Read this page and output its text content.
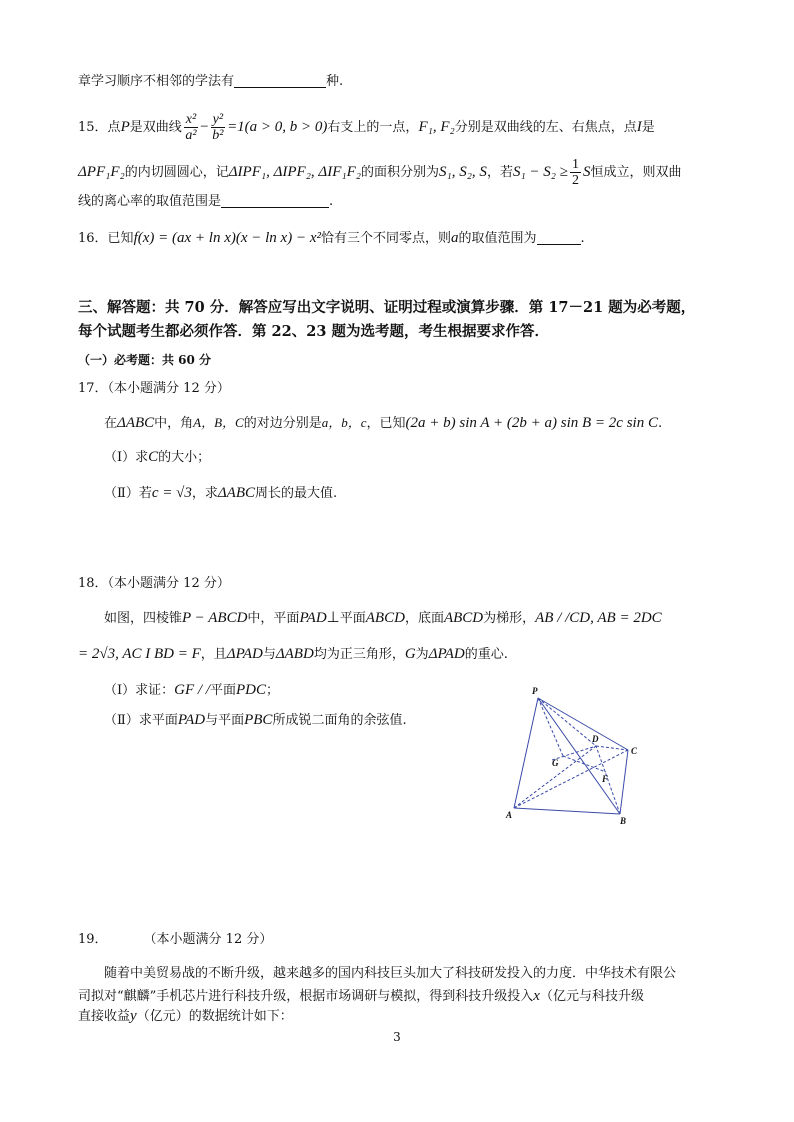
章学习顺序不相邻的学法有	种.
15．点P是双曲线 $\frac{\text{x²}}{\text{a²}} - \frac{\text{y²}}{\text{b²}} =1(a > 0$, b > 0)右支上的一点，F₁, F₂分别是双曲线的左、右焦点，点I是
ΔPF₁F₂的内切圆圆心，记ΔIPF₁, ΔIPF₂, ΔIF₁F₂的面积分别为S₁, S₂, S，若$S_1 - S_2 \ge \frac{1}{2}$ S恒成立，则双曲
线的离心率的取值范围是	.
16．已知f(x) = (ax + ln x)(x − ln x) − x²恰有三个不同零点，则a的取值范围为	.
三、解答题：共 70 分．解答应写出文字说明、证明过程或演算步骤．第 17－21 题为必考题，
每个试题考生都必须作答．第 22、23 题为选考题，考生根据要求作答．
（一）必考题：共 60 分
17．（本小题满分 12 分）
在ΔABC中，角A，B，C的对边分别是a，b，c，已知(2a + b) sin A + (2b + a) sin B = 2c sin C.
（Ⅰ）求C的大小；
（Ⅱ）若c = √3，求ΔABC周长的最大值.
18．（本小题满分 12 分）
如图，四棱锥P − ABCD中，平面PAD⊥平面ABCD，底面ABCD为梯形，AB / /CD, AB = 2DC
= 2√3, AC I BD = F，且ΔPAD与ΔABD均为正三角形，G为ΔPAD的重心.
（Ⅰ）求证：GF / /平面PDC；
（Ⅱ）求平面PAD与平面PBC所成锐二面角的余弦值.
P
A
B
C
D
G
F
19．	（本小题满分 12 分）
随着中美贸易战的不断升级，越来越多的国内科技巨头加大了科技研发投入的力度．中华技术有限公
司拟对“麒麟”手机芯片进行科技升级，根据市场调研与模拟，得到科技升级投入x（亿元与科技升级
直接收益y（亿元）的数据统计如下：
3
